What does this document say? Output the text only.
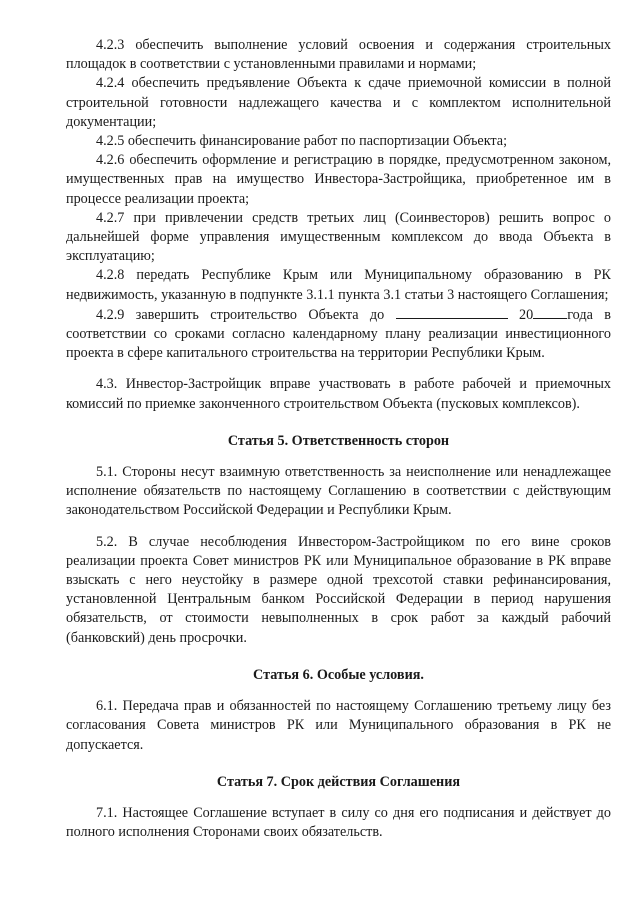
4.2.3 обеспечить выполнение условий освоения и содержания строительных площадок в соответствии с установленными правилами и нормами;

4.2.4 обеспечить предъявление Объекта к сдаче приемочной комиссии в полной строительной готовности надлежащего качества и с комплектом исполнительной документации;

4.2.5 обеспечить финансирование работ по паспортизации Объекта;

4.2.6 обеспечить оформление и регистрацию в порядке, предусмотренном законом, имущественных прав на имущество Инвестора-Застройщика, приобретенное им в процессе реализации проекта;

4.2.7 при привлечении средств третьих лиц (Соинвесторов) решить вопрос о дальнейшей форме управления имущественным комплексом до ввода Объекта в эксплуатацию;

4.2.8 передать Республике Крым или Муниципальному образованию в РК недвижимость, указанную в подпункте 3.1.1 пункта 3.1 статьи 3 настоящего Соглашения;

4.2.9 завершить строительство Объекта до	20 года в соответствии со сроками согласно календарному плану реализации инвестиционного проекта в сфере капитального строительства на территории Республики Крым.

4.3. Инвестор-Застройщик вправе участвовать в работе рабочей и приемочных комиссий по приемке законченного строительством Объекта (пусковых комплексов).

Статья 5. Ответственность сторон

5.1. Стороны несут взаимную ответственность за неисполнение или ненадлежащее исполнение обязательств по настоящему Соглашению в соответствии с действующим законодательством Российской Федерации и Республики Крым.

5.2. В случае несоблюдения Инвестором-Застройщиком по его вине сроков реализации проекта Совет министров РК или Муниципальное образование в РК вправе взыскать с него неустойку в размере одной трехсотой ставки рефинансирования, установленной Центральным банком Российской Федерации в период нарушения обязательств, от стоимости невыполненных в срок работ за каждый рабочий (банковский) день просрочки.

Статья 6. Особые условия.

6.1. Передача прав и обязанностей по настоящему Соглашению третьему лицу без согласования Совета министров РК или Муниципального образования в РК не допускается.

Статья 7. Срок действия Соглашения

7.1. Настоящее Соглашение вступает в силу со дня его подписания и действует до полного исполнения Сторонами своих обязательств.
